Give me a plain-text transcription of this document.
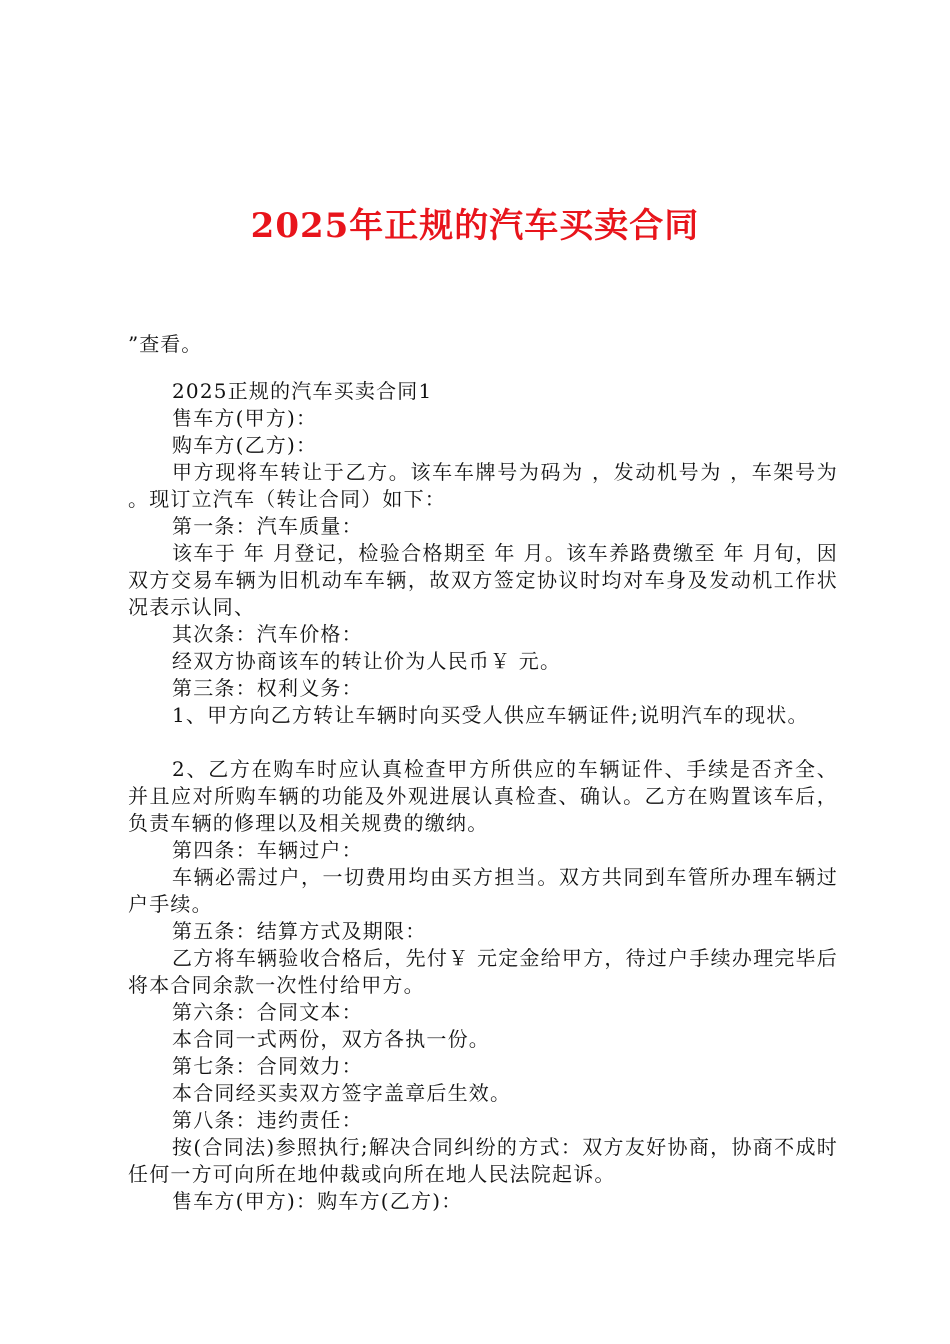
2025年正规的汽车买卖合同
”查看。

2025正规的汽车买卖合同1

售车方(甲方)：

购车方(乙方)：

甲方现将车转让于乙方。该车车牌号为码为 ，发动机号为 ，车架号为 。现订立汽车（转让合同）如下：

第一条：汽车质量：

该车于 年 月登记，检验合格期至 年 月。该车养路费缴至 年 月旬，因双方交易车辆为旧机动车车辆，故双方签定协议时均对车身及发动机工作状况表示认同、

其次条：汽车价格：

经双方协商该车的转让价为人民币￥ 元。

第三条：权利义务：

1、甲方向乙方转让车辆时向买受人供应车辆证件;说明汽车的现状。

2、乙方在购车时应认真检查甲方所供应的车辆证件、手续是否齐全、并且应对所购车辆的功能及外观进展认真检查、确认。乙方在购置该车后，负责车辆的修理以及相关规费的缴纳。

第四条：车辆过户：

车辆必需过户，一切费用均由买方担当。双方共同到车管所办理车辆过户手续。

第五条：结算方式及期限：

乙方将车辆验收合格后，先付￥ 元定金给甲方，待过户手续办理完毕后将本合同余款一次性付给甲方。

第六条：合同文本：

本合同一式两份，双方各执一份。

第七条：合同效力：

本合同经买卖双方签字盖章后生效。

第八条：违约责任：

按(合同法)参照执行;解决合同纠纷的方式：双方友好协商，协商不成时任何一方可向所在地仲裁或向所在地人民法院起诉。

售车方(甲方)：购车方(乙方)：
